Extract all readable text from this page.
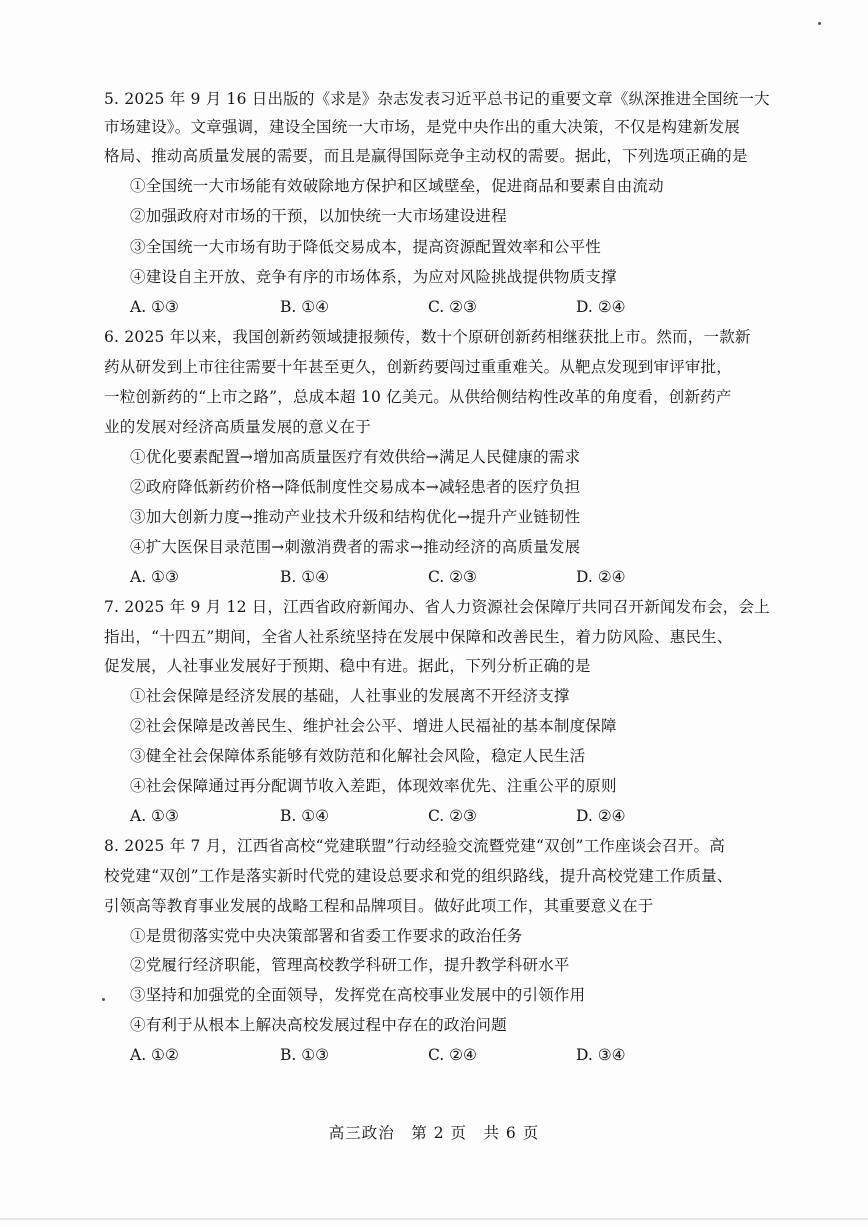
5. 2025 年 9 月 16 日出版的《求是》杂志发表习近平总书记的重要文章《纵深推进全国统一大
市场建设》。文章强调，建设全国统一大市场，是党中央作出的重大决策，不仅是构建新发展
格局、推动高质量发展的需要，而且是赢得国际竞争主动权的需要。据此，下列选项正确的是
①全国统一大市场能有效破除地方保护和区域壁垒，促进商品和要素自由流动
②加强政府对市场的干预，以加快统一大市场建设进程
③全国统一大市场有助于降低交易成本，提高资源配置效率和公平性
④建设自主开放、竞争有序的市场体系，为应对风险挑战提供物质支撑
A. ①③	B. ①④	C. ②③	D. ②④
6. 2025 年以来，我国创新药领域捷报频传，数十个原研创新药相继获批上市。然而，一款新
药从研发到上市往往需要十年甚至更久，创新药要闯过重重难关。从靶点发现到审评审批，
一粒创新药的“上市之路”，总成本超 10 亿美元。从供给侧结构性改革的角度看，创新药产
业的发展对经济高质量发展的意义在于
①优化要素配置→增加高质量医疗有效供给→满足人民健康的需求
②政府降低新药价格→降低制度性交易成本→减轻患者的医疗负担
③加大创新力度→推动产业技术升级和结构优化→提升产业链韧性
④扩大医保目录范围→刺激消费者的需求→推动经济的高质量发展
A. ①③	B. ①④	C. ②③	D. ②④
7. 2025 年 9 月 12 日，江西省政府新闻办、省人力资源社会保障厅共同召开新闻发布会，会上
指出，“十四五”期间，全省人社系统坚持在发展中保障和改善民生，着力防风险、惠民生、
促发展，人社事业发展好于预期、稳中有进。据此，下列分析正确的是
①社会保障是经济发展的基础，人社事业的发展离不开经济支撑
②社会保障是改善民生、维护社会公平、增进人民福祉的基本制度保障
③健全社会保障体系能够有效防范和化解社会风险，稳定人民生活
④社会保障通过再分配调节收入差距，体现效率优先、注重公平的原则
A. ①③	B. ①④	C. ②③	D. ②④
8. 2025 年 7 月，江西省高校“党建联盟”行动经验交流暨党建“双创”工作座谈会召开。高
校党建“双创”工作是落实新时代党的建设总要求和党的组织路线，提升高校党建工作质量、
引领高等教育事业发展的战略工程和品牌项目。做好此项工作，其重要意义在于
①是贯彻落实党中央决策部署和省委工作要求的政治任务
②党履行经济职能，管理高校教学科研工作，提升教学科研水平
③坚持和加强党的全面领导，发挥党在高校事业发展中的引领作用
④有利于从根本上解决高校发展过程中存在的政治问题
A. ①②	B. ①③	C. ②④	D. ③④
高三政治　第 2 页　共 6 页
